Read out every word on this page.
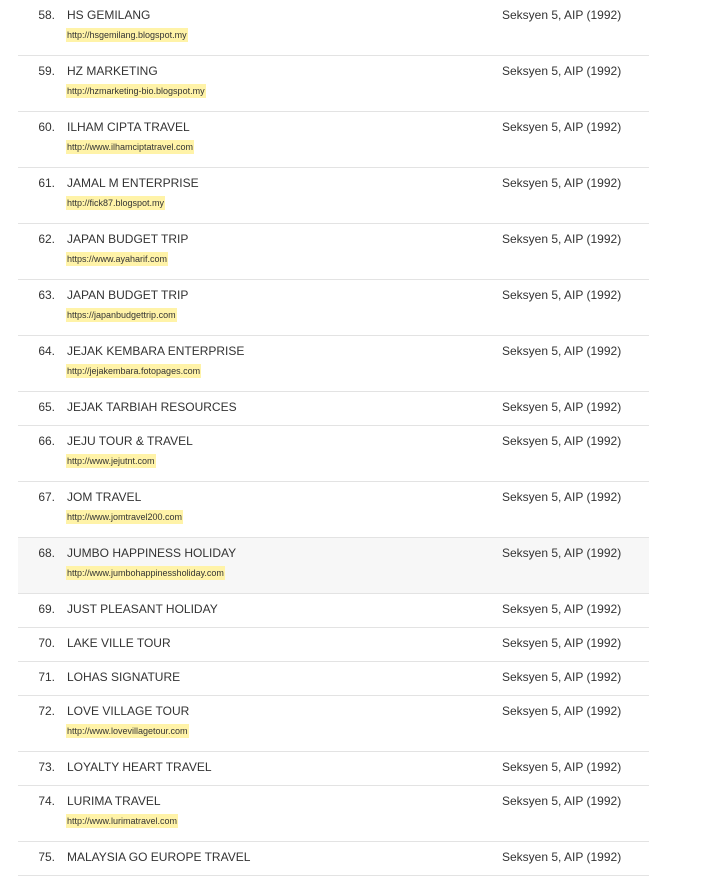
58. HS GEMILANG
http://hsgemilang.blogspot.my
Seksyen 5, AIP (1992)
59. HZ MARKETING
http://hzmarketing-bio.blogspot.my
Seksyen 5, AIP (1992)
60. ILHAM CIPTA TRAVEL
http://www.ilhamciptatravel.com
Seksyen 5, AIP (1992)
61. JAMAL M ENTERPRISE
http://fick87.blogspot.my
Seksyen 5, AIP (1992)
62. JAPAN BUDGET TRIP
https://www.ayaharif.com
Seksyen 5, AIP (1992)
63. JAPAN BUDGET TRIP
https://japanbudgettrip.com
Seksyen 5, AIP (1992)
64. JEJAK KEMBARA ENTERPRISE
http://jejakembara.fotopages.com
Seksyen 5, AIP (1992)
65. JEJAK TARBIAH RESOURCES	Seksyen 5, AIP (1992)
66. JEJU TOUR & TRAVEL
http://www.jejutnt.com
Seksyen 5, AIP (1992)
67. JOM TRAVEL
http://www.jomtravel200.com
Seksyen 5, AIP (1992)
68. JUMBO HAPPINESS HOLIDAY
http://www.jumbohappinessholiday.com
Seksyen 5, AIP (1992)
69. JUST PLEASANT HOLIDAY	Seksyen 5, AIP (1992)
70. LAKE VILLE TOUR	Seksyen 5, AIP (1992)
71. LOHAS SIGNATURE	Seksyen 5, AIP (1992)
72. LOVE VILLAGE TOUR
http://www.lovevillagetour.com
Seksyen 5, AIP (1992)
73. LOYALTY HEART TRAVEL	Seksyen 5, AIP (1992)
74. LURIMA TRAVEL
http://www.lurimatravel.com
Seksyen 5, AIP (1992)
75. MALAYSIA GO EUROPE TRAVEL	Seksyen 5, AIP (1992)
